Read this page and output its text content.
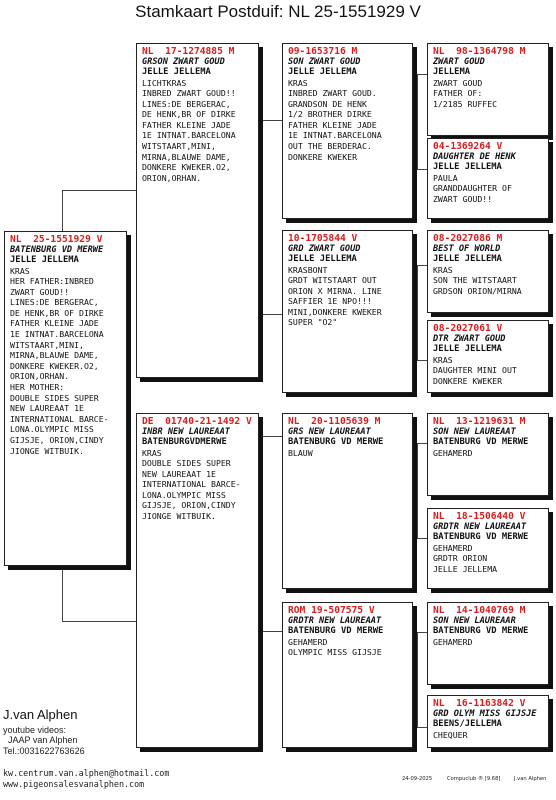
Stamkaart Postduif: NL 25-1551929 V
NL  25-1551929 V
BATENBURG VD MERWE
JELLE JELLEMA
KRAS
HER FATHER:INBRED
ZWART GOUD!!
LINES:DE BERGERAC,
DE HENK,BR OF DIRKE
FATHER KLEINE JADE
1E INTNAT.BARCELONA
WITSTAART,MINI,
MIRNA,BLAUWE DAME,
DONKERE KWEKER.O2,
ORION,ORHAN.
HER MOTHER:
DOUBLE SIDES SUPER
NEW LAUREAAT 1E
INTERNATIONAL BARCE-
LONA.OLYMPIC MISS
GIJSJE, ORION,CINDY
JIONGE WITBUIK.
NL  17-1274885 M
GRSON ZWART GOUD
JELLE JELLEMA
LICHTKRAS
INBRED ZWART GOUD!!
LINES:DE BERGERAC,
DE HENK,BR OF DIRKE
FATHER KLEINE JADE
1E INTNAT.BARCELONA
WITSTAART,MINI,
MIRNA,BLAUWE DAME,
DONKERE KWEKER.O2,
ORION,ORHAN.
DE  01740-21-1492 V
INBR NEW LAUREAAT
BATENBURGVDMERWE
KRAS
DOUBLE SIDES SUPER
NEW LAUREAAT 1E
INTERNATIONAL BARCE-
LONA.OLYMPIC MISS
GIJSJE, ORION,CINDY
JIONGE WITBUIK.
09-1653716 M
SON ZWART GOUD
JELLE JELLEMA
KRAS
INBRED ZWART GOUD.
GRANDSON DE HENK
1/2 BROTHER DIRKE
FATHER KLEINE JADE
1E INTNAT.BARCELONA
OUT THE BERDERAC.
DONKERE KWEKER
10-1705844 V
GRD ZWART GOUD
JELLE JELLEMA
KRASBONT
GRDT WITSTAART OUT
ORION X MIRNA. LINE
SAFFIER 1E NPO!!!
MINI,DONKERE KWEKER
SUPER "O2"
NL  20-1105639 M
GRS NEW LAUREAAT
BATENBURG VD MERWE
BLAUW
ROM 19-507575 V
GRDTR NEW LAUREAAT
BATENBURG VD MERWE
GEHAMERD
OLYMPIC MISS GIJSJE
NL  98-1364798 M
ZWART GOUD
JELLEMA
ZWART GOUD
FATHER OF:
1/2185 RUFFEC
04-1369264 V
DAUGHTER DE HENK
JELLE JELLEMA
PAULA
GRANDDAUGHTER OF
ZWART GOUD!!
08-2027086 M
BEST OF WORLD
JELLE JELLEMA
KRAS
SON THE WITSTAART
GRDSON ORION/MIRNA
08-2027061 V
DTR ZWART GOUD
JELLE JELLEMA
KRAS
DAUGHTER MINI OUT
DONKERE KWEKER
NL  13-1219631 M
SON NEW LAUREAAT
BATENBURG VD MERWE
GEHAMERD
NL  18-1506440 V
GRDTR NEW LAUREAAT
BATENBURG VD MERWE
GEHAMERD
GRDTR ORION
JELLE JELLEMA
NL  14-1040769 M
SON NEW LAUREAAR
BATENBURG VD MERWE
GEHAMERD
NL  16-1163842 V
GRD OLYM MISS GIJSJE
BEENS/JELLEMA
CHEQUER
J.van Alphen
youtube videos:
JAAP van Alphen
Tel.:0031622763626
kw.centrum.van.alphen@hotmail.com
www.pigeonsalesvanalphen.com	24-09-2025	Compuclub ® [9.68]	J.van Alphen
